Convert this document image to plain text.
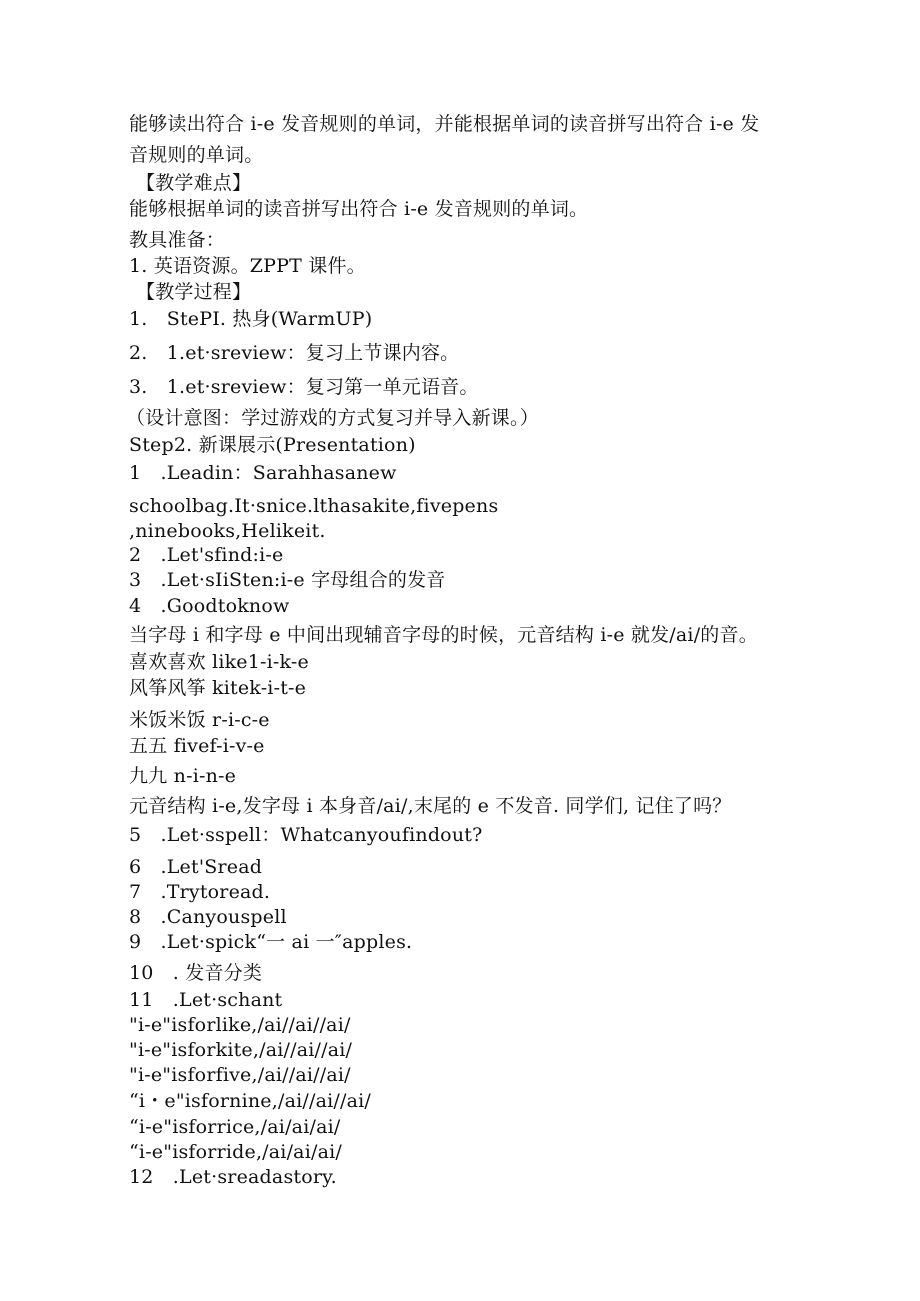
能够读出符合 i-e 发音规则的单词，并能根据单词的读音拼写出符合 i-e 发
音规则的单词。
【教学难点】
能够根据单词的读音拼写出符合 i-e 发音规则的单词。
教具准备：
1. 英语资源。ZPPT 课件。
【教学过程】
1.　StePI. 热身(WarmUP)
2.　1.et·sreview：复习上节课内容。
3.　1.et·sreview：复习第一单元语音。
（设计意图：学过游戏的方式复习并导入新课。）
Step2. 新课展示(Presentation)
1　.Leadin：Sarahhasanew
schoolbag.It·snice.lthasakite,fivepens
,ninebooks,Helikeit.
2　.Let'sfind:i-e
3　.Let·sIiSten:i-e 字母组合的发音
4　.Goodtoknow
当字母 i 和字母 e 中间出现辅音字母的时候，元音结构 i-e 就发/ai/的音。
喜欢喜欢 like1-i-k-e
风筝风筝 kitek-i-t-e
米饭米饭 r-i-c-e
五五 fivef-i-v-e
九九 n-i-n-e
元音结构 i-e,发字母 i 本身音/ai/,末尾的 e 不发音. 同学们, 记住了吗？
5　.Let·sspell：Whatcanyoufindout?
6　.Let'Sread
7　.Trytoread.
8　.Canyouspell
9　.Let·spick“一 ai 一″apples.
10　. 发音分类
11　.Let·schant
"i-e"isforlike,/ai//ai//ai/
"i-e"isforkite,/ai//ai//ai/
"i-e"isforfive,/ai//ai//ai/
“i・e"isfornine,/ai//ai//ai/
“i-e"isforrice,/ai/ai/ai/
“i-e"isforride,/ai/ai/ai/
12　.Let·sreadastory.
